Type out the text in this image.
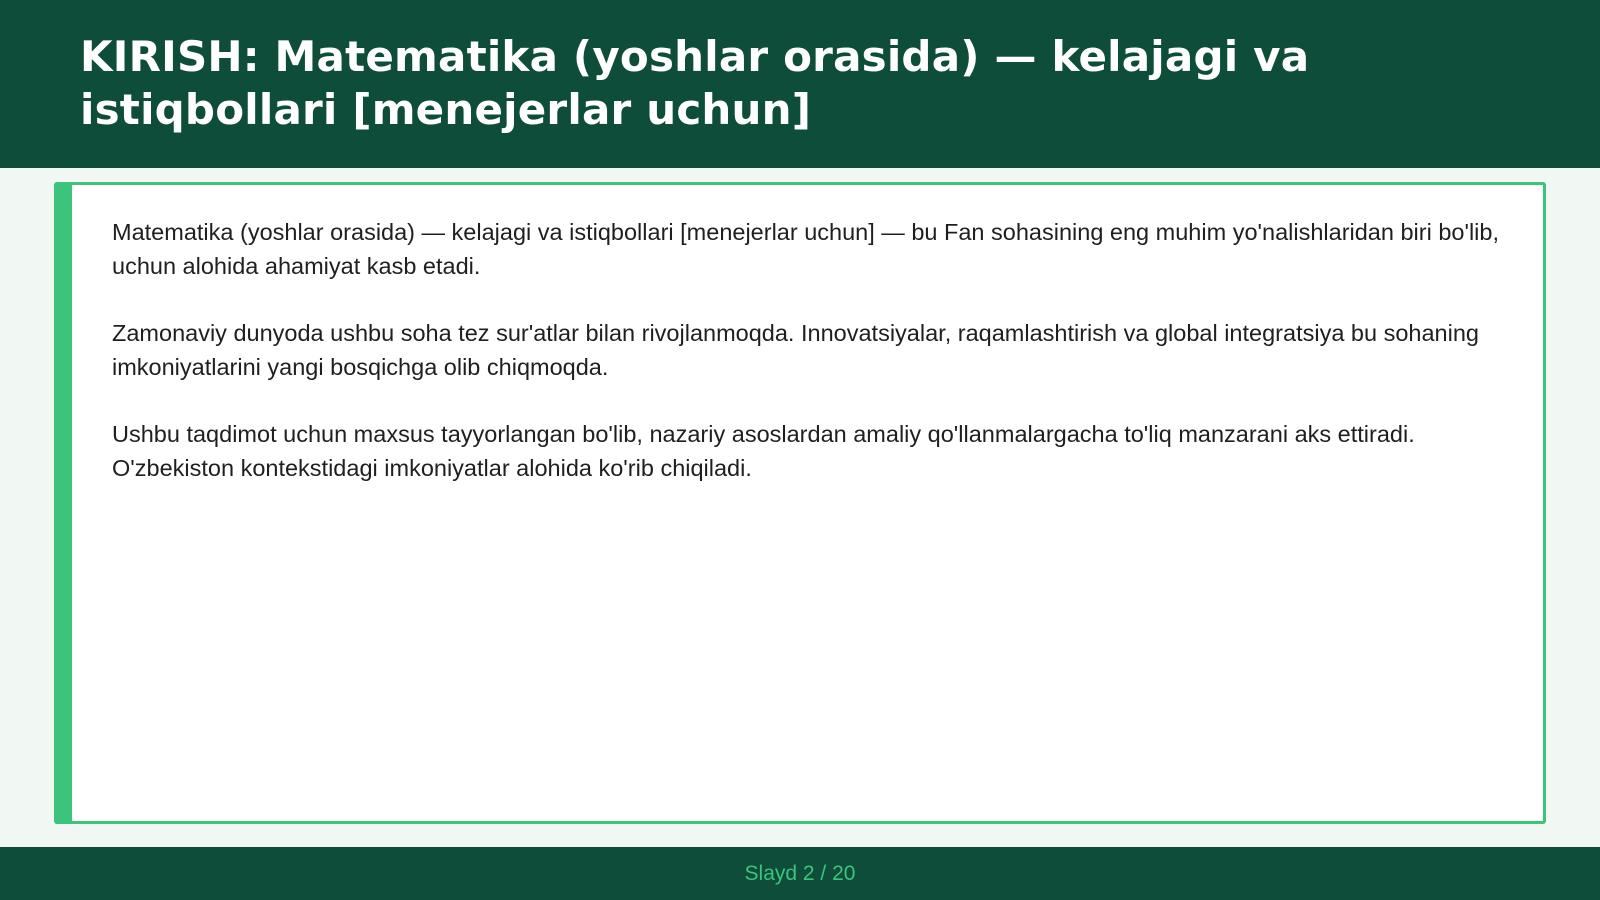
KIRISH: Matematika (yoshlar orasida) — kelajagi va istiqbollari [menejerlar uchun]

Matematika (yoshlar orasida) — kelajagi va istiqbollari [menejerlar uchun] — bu Fan sohasining eng muhim yo'nalishlaridan biri bo'lib, uchun alohida ahamiyat kasb etadi.

Zamonaviy dunyoda ushbu soha tez sur'atlar bilan rivojlanmoqda. Innovatsiyalar, raqamlashtirish va global integratsiya bu sohaning imkoniyatlarini yangi bosqichga olib chiqmoqda.

Ushbu taqdimot uchun maxsus tayyorlangan bo'lib, nazariy asoslardan amaliy qo'llanmalargacha to'liq manzarani aks ettiradi. O'zbekiston kontekstidagi imkoniyatlar alohida ko'rib chiqiladi.

Slayd 2 / 20
